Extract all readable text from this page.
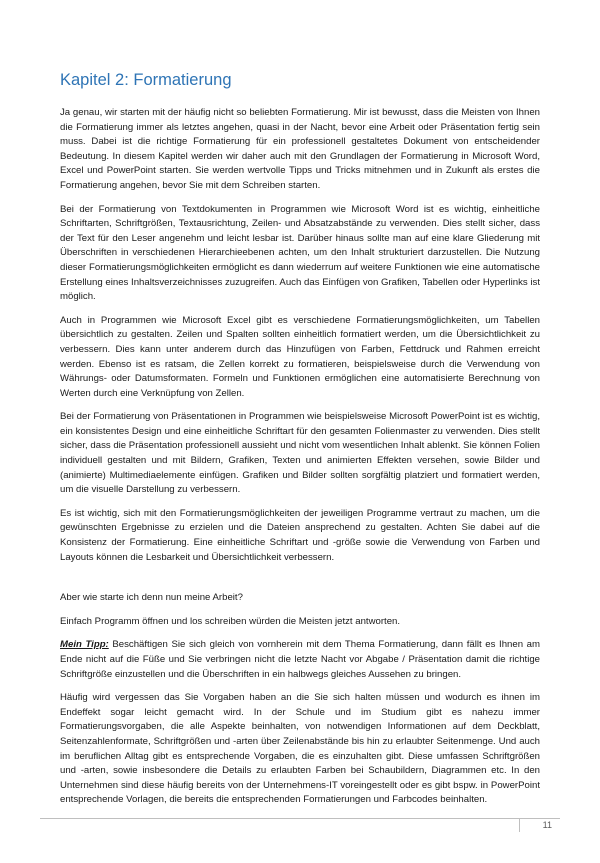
Kapitel 2: Formatierung

Ja genau, wir starten mit der häufig nicht so beliebten Formatierung. Mir ist bewusst, dass die Meisten von Ihnen die Formatierung immer als letztes angehen, quasi in der Nacht, bevor eine Arbeit oder Präsentation fertig sein muss. Dabei ist die richtige Formatierung für ein professionell gestaltetes Dokument von entscheidender Bedeutung. In diesem Kapitel werden wir daher auch mit den Grundlagen der Formatierung in Microsoft Word, Excel und PowerPoint starten. Sie werden wertvolle Tipps und Tricks mitnehmen und in Zukunft als erstes die Formatierung angehen, bevor Sie mit dem Schreiben starten.

Bei der Formatierung von Textdokumenten in Programmen wie Microsoft Word ist es wichtig, einheitliche Schriftarten, Schriftgrößen, Textausrichtung, Zeilen- und Absatzabstände zu verwenden. Dies stellt sicher, dass der Text für den Leser angenehm und leicht lesbar ist. Darüber hinaus sollte man auf eine klare Gliederung mit Überschriften in verschiedenen Hierarchieebenen achten, um den Inhalt strukturiert darzustellen. Die Nutzung dieser Formatierungsmöglichkeiten ermöglicht es dann wiederrum auf weitere Funktionen wie eine automatische Erstellung eines Inhaltsverzeichnisses zuzugreifen. Auch das Einfügen von Grafiken, Tabellen oder Hyperlinks ist möglich.

Auch in Programmen wie Microsoft Excel gibt es verschiedene Formatierungsmöglichkeiten, um Tabellen übersichtlich zu gestalten. Zeilen und Spalten sollten einheitlich formatiert werden, um die Übersichtlichkeit zu verbessern. Dies kann unter anderem durch das Hinzufügen von Farben, Fettdruck und Rahmen erreicht werden. Ebenso ist es ratsam, die Zellen korrekt zu formatieren, beispielsweise durch die Verwendung von Währungs- oder Datumsformaten. Formeln und Funktionen ermöglichen eine automatisierte Berechnung von Werten durch eine Verknüpfung von Zellen.

Bei der Formatierung von Präsentationen in Programmen wie beispielsweise Microsoft PowerPoint ist es wichtig, ein konsistentes Design und eine einheitliche Schriftart für den gesamten Folienmaster zu verwenden. Dies stellt sicher, dass die Präsentation professionell aussieht und nicht vom wesentlichen Inhalt ablenkt. Sie können Folien individuell gestalten und mit Bildern, Grafiken, Texten und animierten Effekten versehen, sowie Bilder und (animierte) Multimediaelemente einfügen. Grafiken und Bilder sollten sorgfältig platziert und formatiert werden, um die visuelle Darstellung zu verbessern.

Es ist wichtig, sich mit den Formatierungsmöglichkeiten der jeweiligen Programme vertraut zu machen, um die gewünschten Ergebnisse zu erzielen und die Dateien ansprechend zu gestalten. Achten Sie dabei auf die Konsistenz der Formatierung. Eine einheitliche Schriftart und -größe sowie die Verwendung von Farben und Layouts können die Lesbarkeit und Übersichtlichkeit verbessern.

Aber wie starte ich denn nun meine Arbeit?

Einfach Programm öffnen und los schreiben würden die Meisten jetzt antworten.

Mein Tipp: Beschäftigen Sie sich gleich von vornherein mit dem Thema Formatierung, dann fällt es Ihnen am Ende nicht auf die Füße und Sie verbringen nicht die letzte Nacht vor Abgabe / Präsentation damit die richtige Schriftgröße einzustellen und die Überschriften in ein halbwegs gleiches Aussehen zu bringen.

Häufig wird vergessen das Sie Vorgaben haben an die Sie sich halten müssen und wodurch es ihnen im Endeffekt sogar leicht gemacht wird. In der Schule und im Studium gibt es nahezu immer Formatierungsvorgaben, die alle Aspekte beinhalten, von notwendigen Informationen auf dem Deckblatt, Seitenzahlenformate, Schriftgrößen und -arten über Zeilenabstände bis hin zu erlaubter Seitenmenge. Und auch im beruflichen Alltag gibt es entsprechende Vorgaben, die es einzuhalten gibt. Diese umfassen Schriftgrößen und -arten, sowie insbesondere die Details zu erlaubten Farben bei Schaubildern, Diagrammen etc. In den Unternehmen sind diese häufig bereits von der Unternehmens-IT voreingestellt oder es gibt bspw. in PowerPoint entsprechende Vorlagen, die bereits die entsprechenden Formatierungen und Farbcodes beinhalten.

11
